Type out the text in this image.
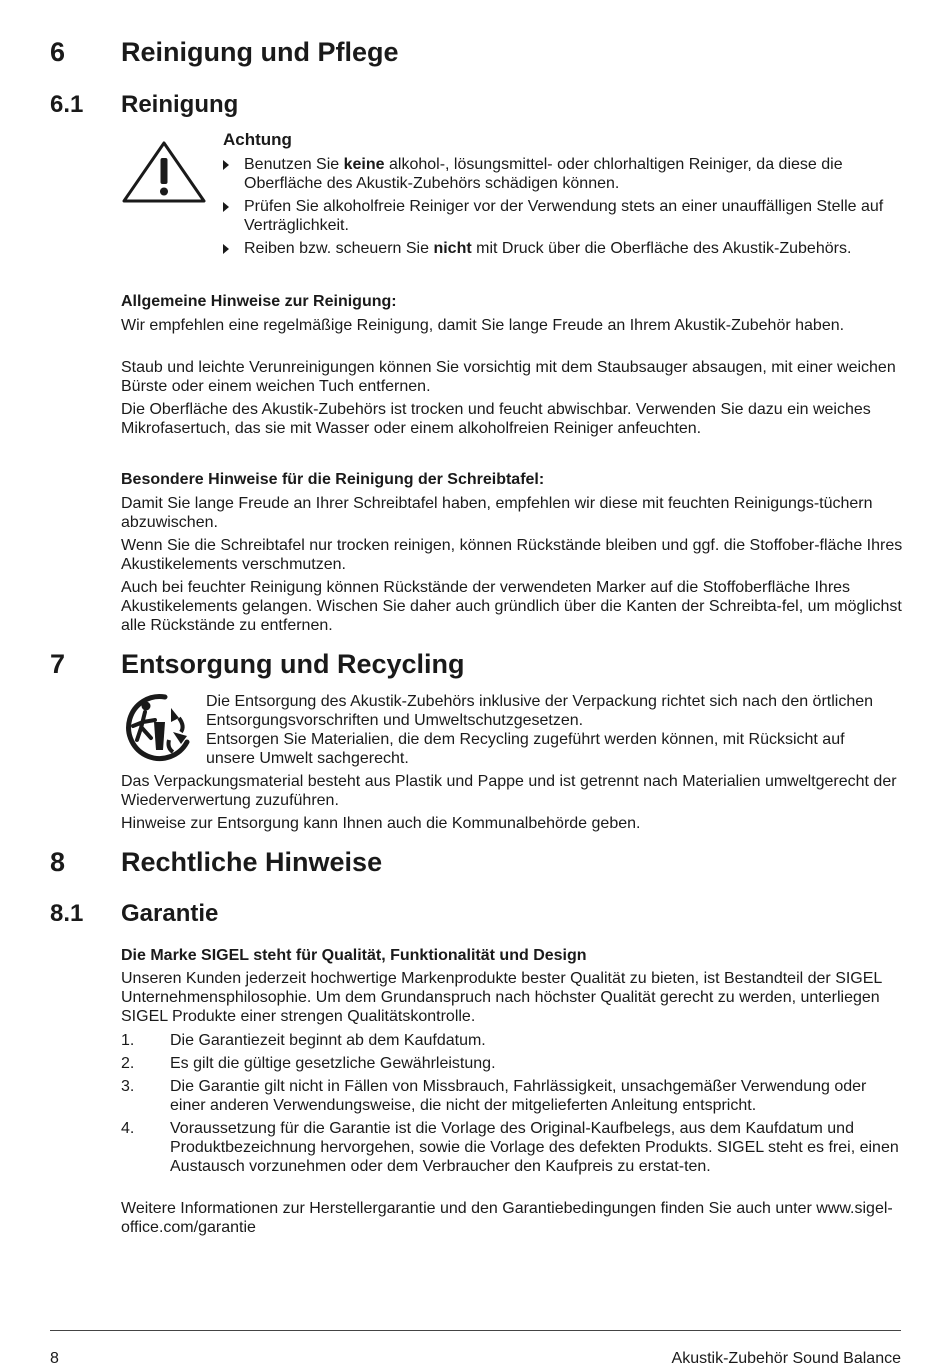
6 Reinigung und Pflege
6.1 Reinigung
Achtung
Benutzen Sie keine alkohol-, lösungsmittel- oder chlorhaltigen Reiniger, da diese die Oberfläche des Akustik-Zubehörs schädigen können.
Prüfen Sie alkoholfreie Reiniger vor der Verwendung stets an einer unauffälligen Stelle auf Verträglichkeit.
Reiben bzw. scheuern Sie nicht mit Druck über die Oberfläche des Akustik-Zubehörs.
Allgemeine Hinweise zur Reinigung:
Wir empfehlen eine regelmäßige Reinigung, damit Sie lange Freude an Ihrem Akustik-Zubehör haben.
Staub und leichte Verunreinigungen können Sie vorsichtig mit dem Staubsauger absaugen, mit einer weichen Bürste oder einem weichen Tuch entfernen.
Die Oberfläche des Akustik-Zubehörs ist trocken und feucht abwischbar. Verwenden Sie dazu ein weiches Mikrofasertuch, das sie mit Wasser oder einem alkoholfreien Reiniger anfeuchten.
Besondere Hinweise für die Reinigung der Schreibtafel:
Damit Sie lange Freude an Ihrer Schreibtafel haben, empfehlen wir diese mit feuchten Reinigungs-tüchern abzuwischen.
Wenn Sie die Schreibtafel nur trocken reinigen, können Rückstände bleiben und ggf. die Stoffober-fläche Ihres Akustikelements verschmutzen.
Auch bei feuchter Reinigung können Rückstände der verwendeten Marker auf die Stoffoberfläche Ihres Akustikelements gelangen. Wischen Sie daher auch gründlich über die Kanten der Schreibta-fel, um möglichst alle Rückstände zu entfernen.
7 Entsorgung und Recycling
Die Entsorgung des Akustik-Zubehörs inklusive der Verpackung richtet sich nach den örtlichen Entsorgungsvorschriften und Umweltschutzgesetzen.
Entsorgen Sie Materialien, die dem Recycling zugeführt werden können, mit Rücksicht auf unsere Umwelt sachgerecht.
Das Verpackungsmaterial besteht aus Plastik und Pappe und ist getrennt nach Materialien umweltgerecht der Wiederverwertung zuzuführen.
Hinweise zur Entsorgung kann Ihnen auch die Kommunalbehörde geben.
8 Rechtliche Hinweise
8.1 Garantie
Die Marke SIGEL steht für Qualität, Funktionalität und Design
Unseren Kunden jederzeit hochwertige Markenprodukte bester Qualität zu bieten, ist Bestandteil der SIGEL Unternehmensphilosophie. Um dem Grundanspruch nach höchster Qualität gerecht zu werden, unterliegen SIGEL Produkte einer strengen Qualitätskontrolle.
1. Die Garantiezeit beginnt ab dem Kaufdatum.
2. Es gilt die gültige gesetzliche Gewährleistung.
3. Die Garantie gilt nicht in Fällen von Missbrauch, Fahrlässigkeit, unsachgemäßer Verwendung oder einer anderen Verwendungsweise, die nicht der mitgelieferten Anleitung entspricht.
4. Voraussetzung für die Garantie ist die Vorlage des Original-Kaufbelegs, aus dem Kaufdatum und Produktbezeichnung hervorgehen, sowie die Vorlage des defekten Produkts. SIGEL steht es frei, einen Austausch vorzunehmen oder dem Verbraucher den Kaufpreis zu erstat-ten.
Weitere Informationen zur Herstellergarantie und den Garantiebedingungen finden Sie auch unter www.sigel-office.com/garantie
8	Akustik-Zubehör Sound Balance
